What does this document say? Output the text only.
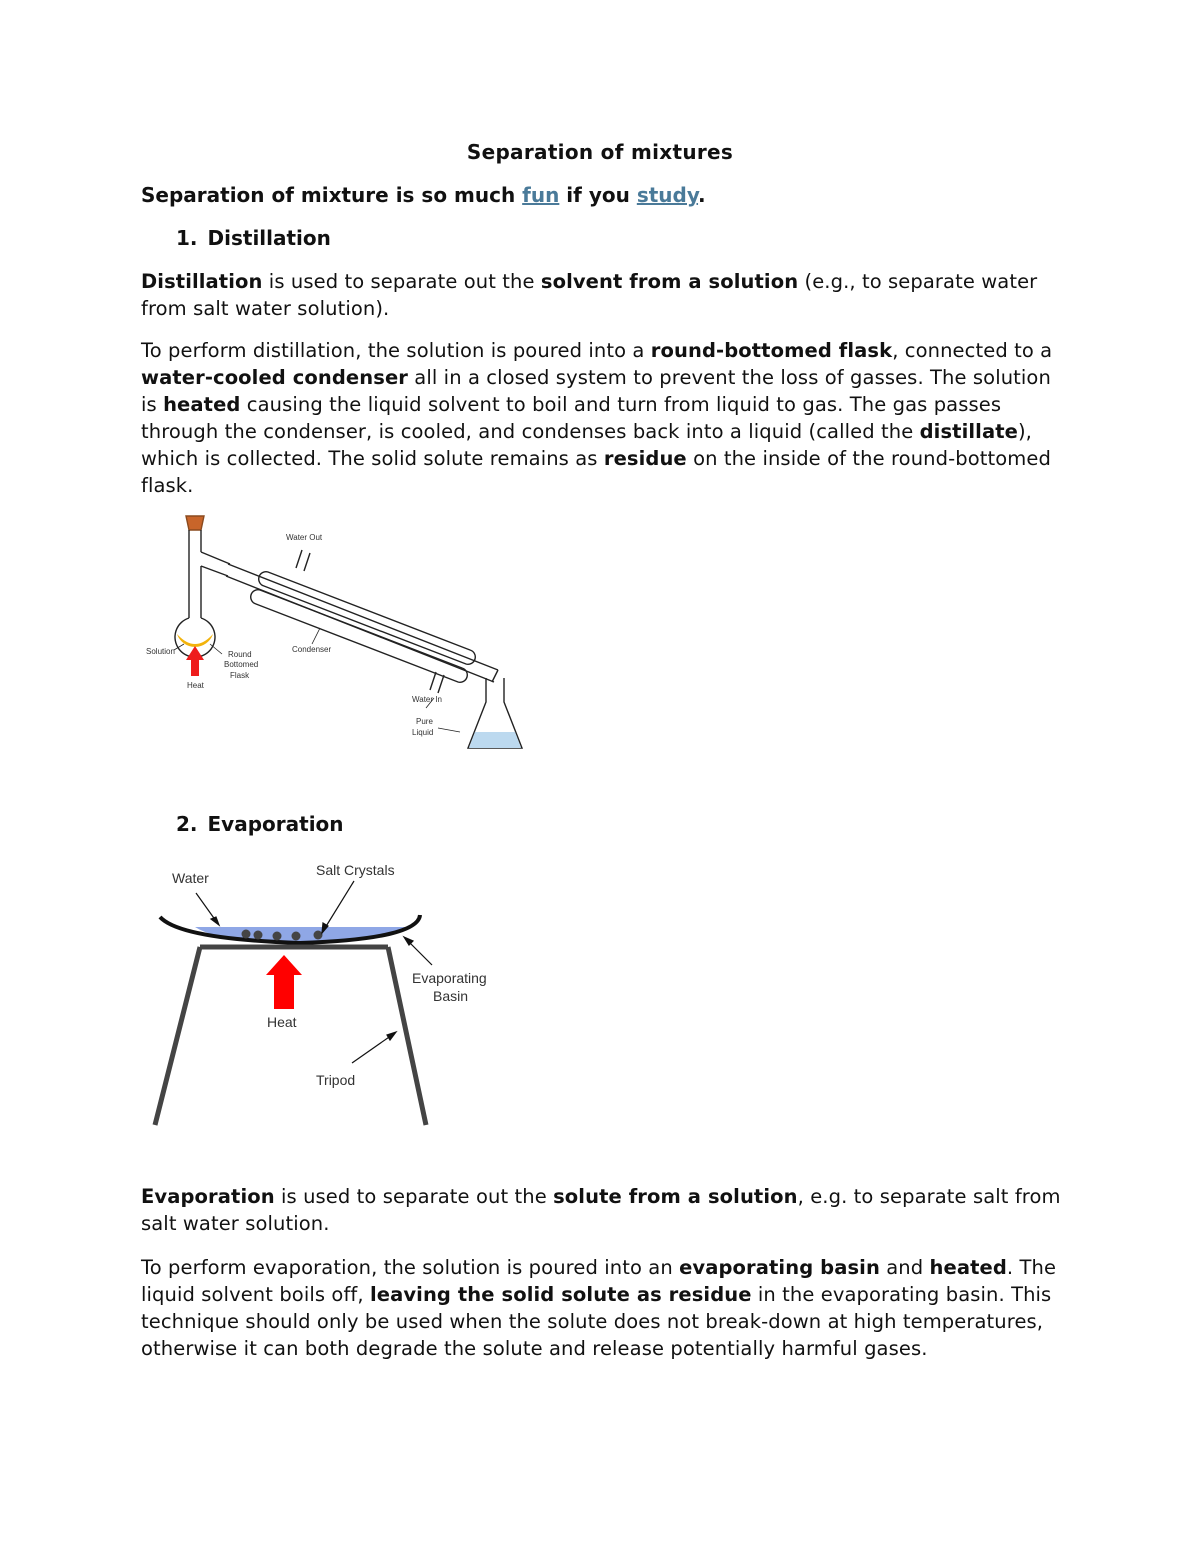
Separation of mixtures
Separation of mixture is so much fun if you study.
1. Distillation
Distillation is used to separate out the solvent from a solution (e.g., to separate water from salt water solution).
To perform distillation, the solution is poured into a round-bottomed flask, connected to a water-cooled condenser all in a closed system to prevent the loss of gasses. The solution is heated causing the liquid solvent to boil and turn from liquid to gas. The gas passes through the condenser, is cooled, and condenses back into a liquid (called the distillate), which is collected. The solid solute remains as residue on the inside of the round-bottomed flask.
Water Out
Condenser
Solution	Round
Bottomed
Flask
Heat
Water In
Pure
Liquid
2. Evaporation
Water	Salt Crystals
Evaporating
Basin
Heat
Tripod
Evaporation is used to separate out the solute from a solution, e.g. to separate salt from salt water solution.
To perform evaporation, the solution is poured into an evaporating basin and heated. The liquid solvent boils off, leaving the solid solute as residue in the evaporating basin. This technique should only be used when the solute does not break-down at high temperatures, otherwise it can both degrade the solute and release potentially harmful gases.
